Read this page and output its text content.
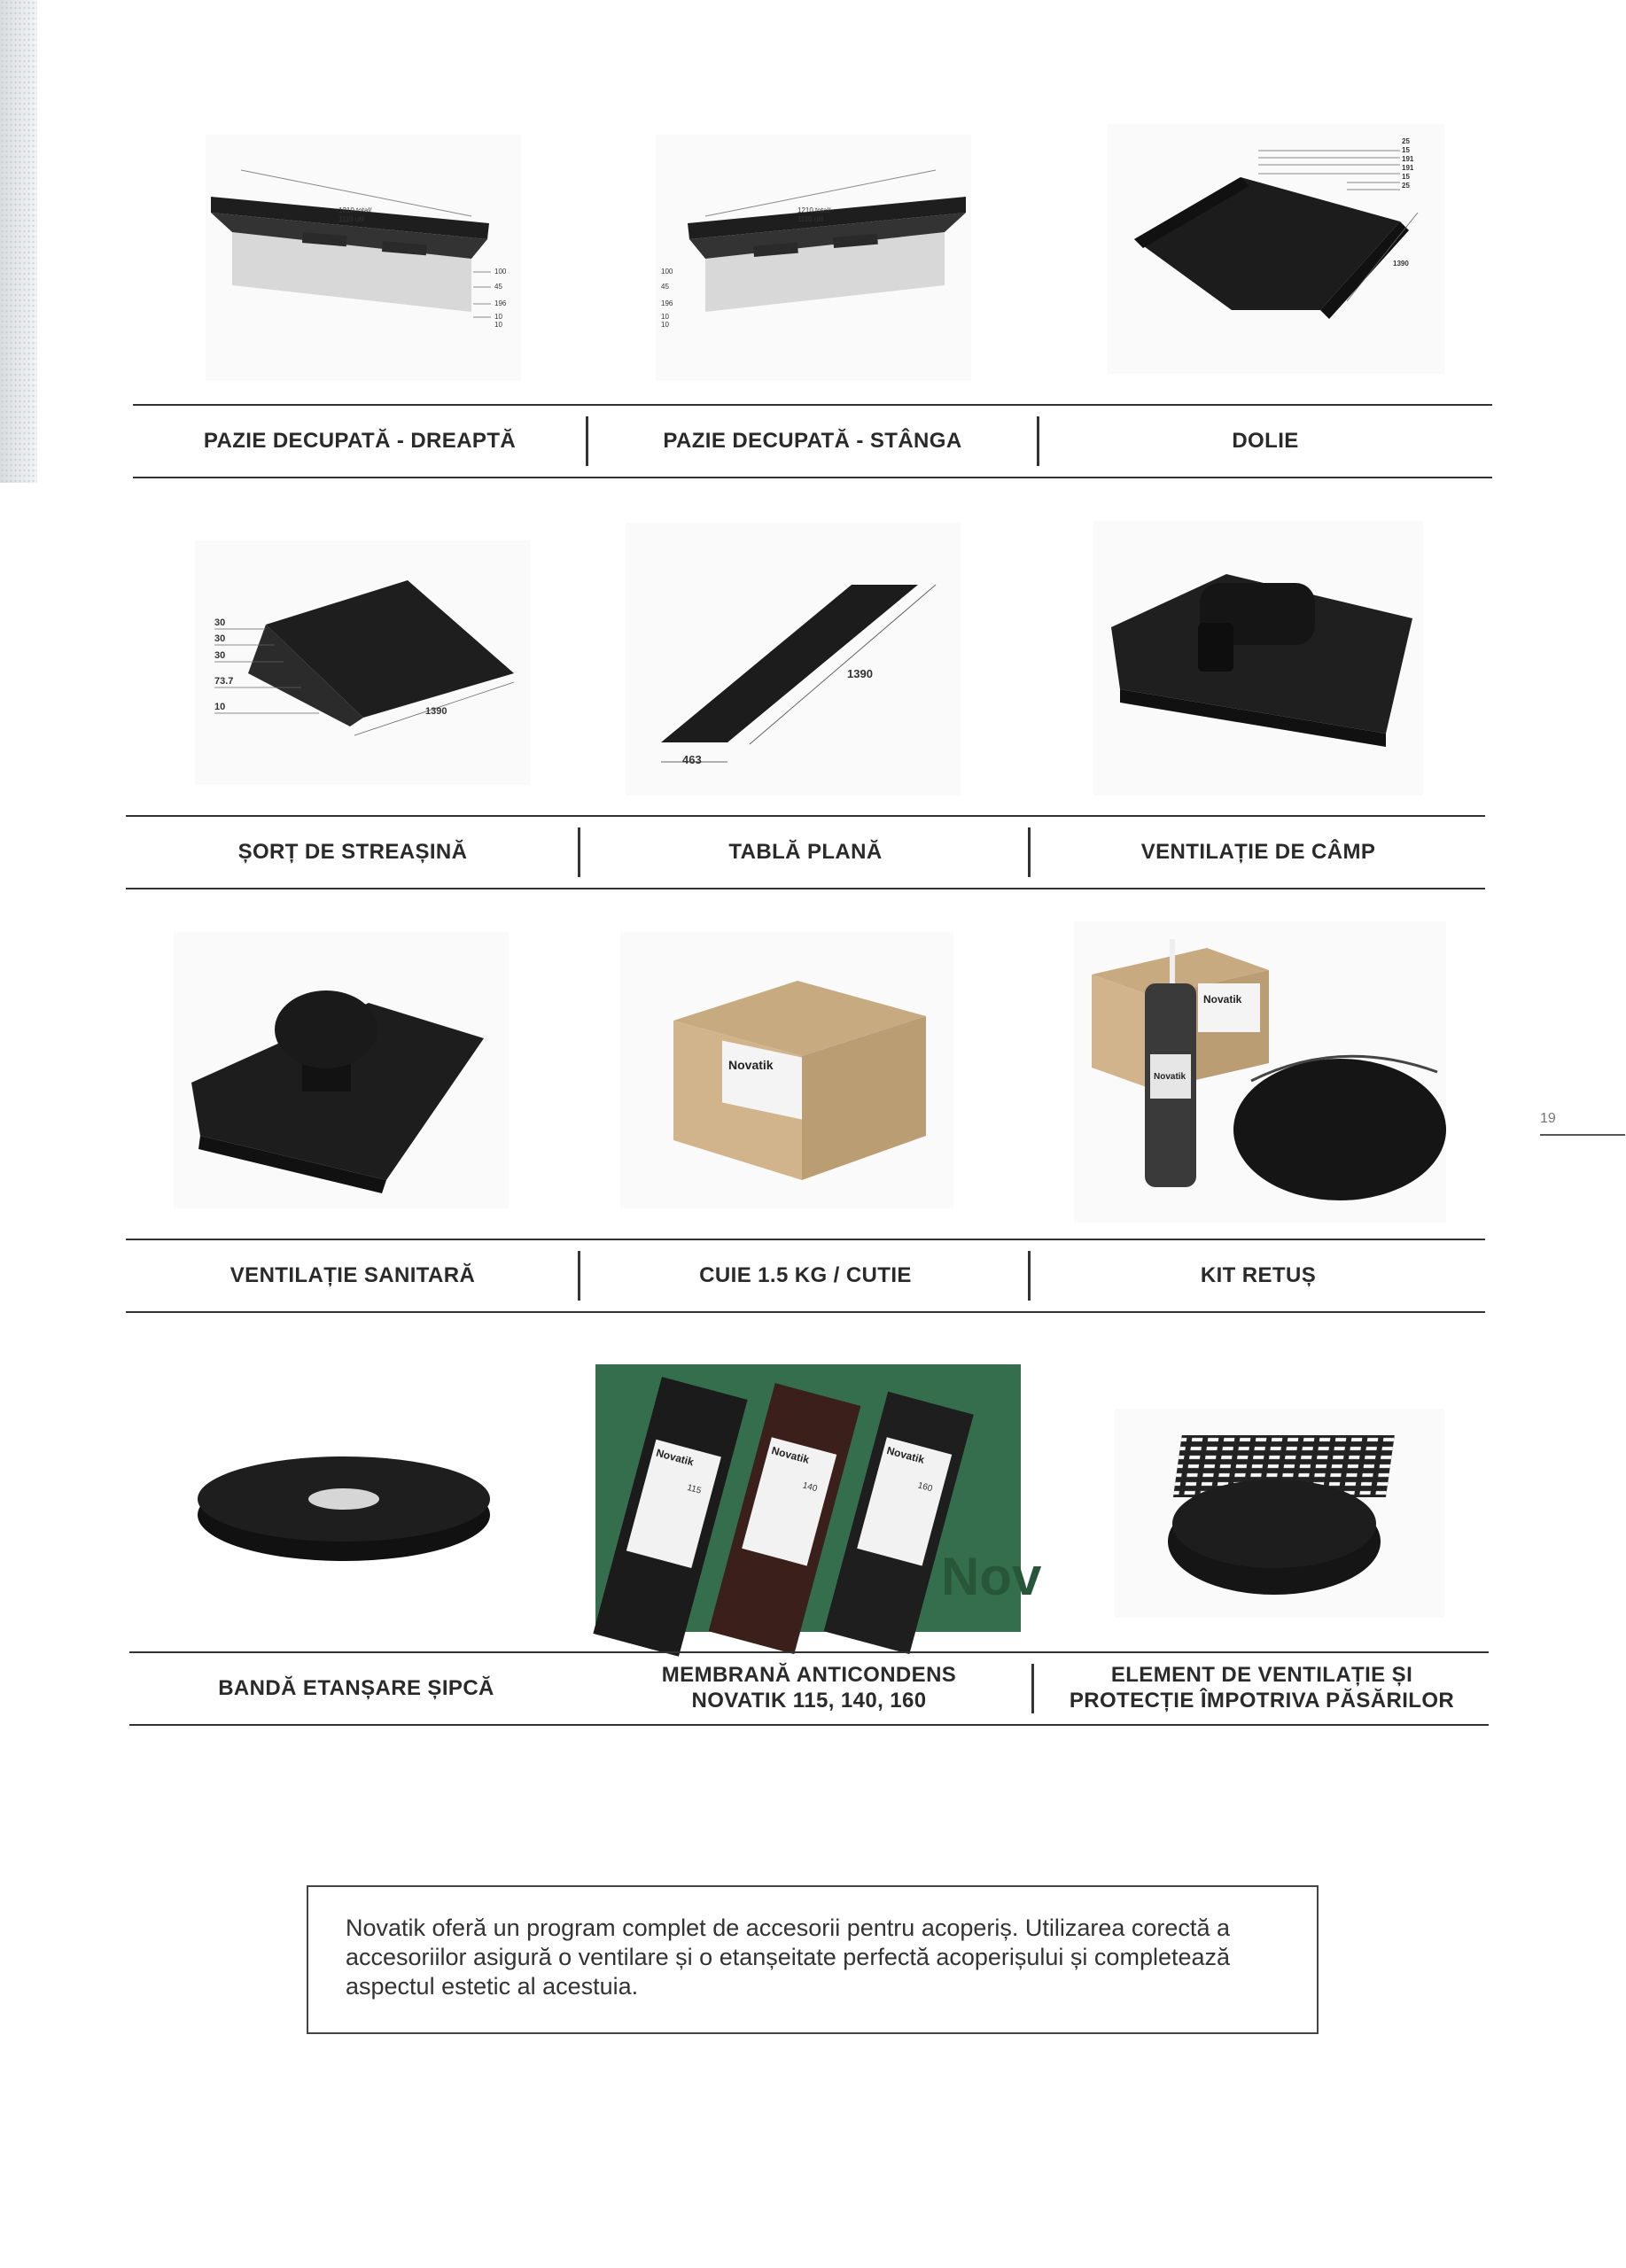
1210 total/
1110 util
100
45
196
10
10
1210 total/
1110 util
100
45
196
10
10
25
15
191
191
15
25
1390
PAZIE DECUPATĂ - DREAPTĂ	PAZIE DECUPATĂ - STÂNGA	DOLIE
30
30
30
73.7
10	1390
1390
463
ȘORȚ DE STREAȘINĂ	TABLĂ PLANĂ	VENTILAȚIE DE CÂMP
Novatik
Novatik
Novatik
VENTILAȚIE SANITARĂ	CUIE 1.5 KG / CUTIE	KIT RETUȘ
Nov
Novatik
115
Novatik
140
Novatik
160
BANDĂ ETANȘARE ȘIPCĂ
MEMBRANĂ ANTICONDENS
NOVATIK 115, 140, 160
ELEMENT DE VENTILAȚIE ȘI
PROTECȚIE ÎMPOTRIVA PĂSĂRILOR
19
Novatik oferă un program complet de accesorii pentru acoperiș. Utilizarea corectă a accesoriilor asigură o ventilare și o etanșeitate perfectă acoperișului și completează aspectul estetic al acestuia.
